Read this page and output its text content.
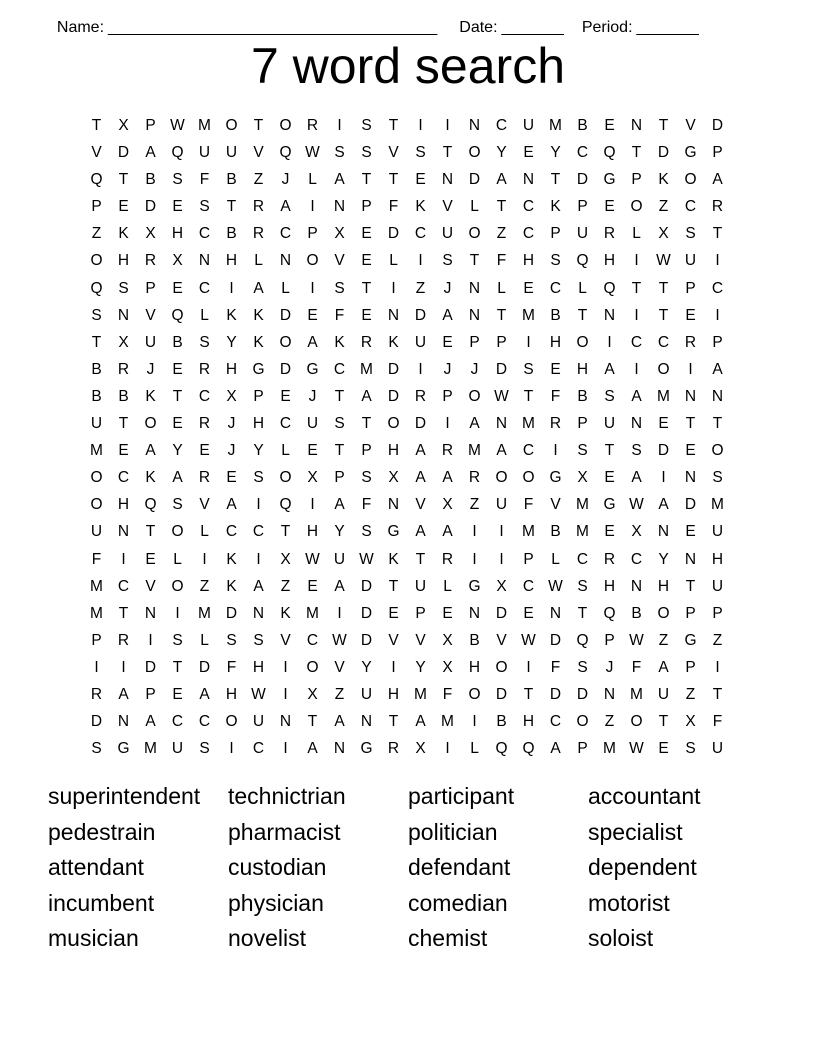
Name: _____________________________________ Date: _______ Period: _______

7 word search
T	X	P W M O	T	O R	I	S	T	I	I	N	C	U M B	E	N	T	V	D
V	D	A	Q U	U	V	Q W S	S	V	S	T	O	Y	E	Y	C Q	T	D G	P
Q	T	B	S	F	B	Z	J	L	A	T	T	E	N	D	A	N	T	D G	P	K	O	A
P	E	D	E	S	T	R	A	I	N	P	F	K	V	L	T	C	K	P	E	O	Z	C	R
Z	K	X	H	C	B	R	C	P	X	E	D	C	U O	Z	C	P	U	R	L	X	S	T
O H	R	X	N	H	L	N O	V	E	L	I	S	T	F	H	S	Q H	I	W U	I
Q	S	P	E	C	I	A	L	I	S	T	I	Z	J	N	L	E	C	L	Q	T	T	P	C
S	N	V	Q	L	K	K	D	E	F	E	N	D	A	N	T	M B	T	N	I	T	E	I
T	X	U	B	S	Y	K	O	A	K	R	K	U	E	P	P	I	H O	I	C	C	R	P
B	R	J	E	R	H G D G C M D	I	J	J	D	S	E	H	A	I	O	I	A
B	B	K	T	C	X	P	E	J	T	A	D	R	P	O W T	F	B	S	A M N	N
U	T	O	E	R	J	H	C	U	S	T	O D	I	A	N M R	P	U	N	E	T	T
M E	A	Y	E	J	Y	L	E	T	P	H	A	R M A	C	I	S	T	S	D	E	O
O C	K	A	R	E	S	O	X	P	S	X	A	A	R O O G	X	E	A	I	N	S
O H Q	S	V	A	I	Q	I	A	F	N	V	X	Z	U	F	V M G W A	D M
U	N	T	O	L	C	C	T	H	Y	S	G	A	A	I	I	M B M E	X	N	E	U
F	I	E	L	I	K	I	X W U W K	T	R	I	I	P	L	C	R	C	Y	N	H
M C	V	O	Z	K	A	Z	E	A	D	T	U	L	G	X	C W S	H	N	H	T	U
M	T	N	I	M D	N	K M	I	D	E	P	E	N	D	E	N	T	Q	B	O	P	P
P	R	I	S	L	S	S	V	C W D	V	V	X	B	V W D Q	P W Z	G	Z
I	I	D	T	D	F	H	I	O	V	Y	I	Y	X	H O	I	F	S	J	F	A	P	I
R	A	P	E	A	H W	I	X	Z	U	H M	F	O D	T	D	D	N M U	Z	T
D	N	A	C	C O U	N	T	A	N	T	A M	I	B	H	C O	Z	O	T	X	F
S	G M U	S	I	C	I	A	N G R	X	I	L	Q Q	A	P M W E	S	U
superintendent	technictrian	participant	accountant
pedestrain	pharmacist	politician	specialist
attendant	custodian	defendant	dependent
incumbent	physician	comedian	motorist
musician	novelist	chemist	soloist
